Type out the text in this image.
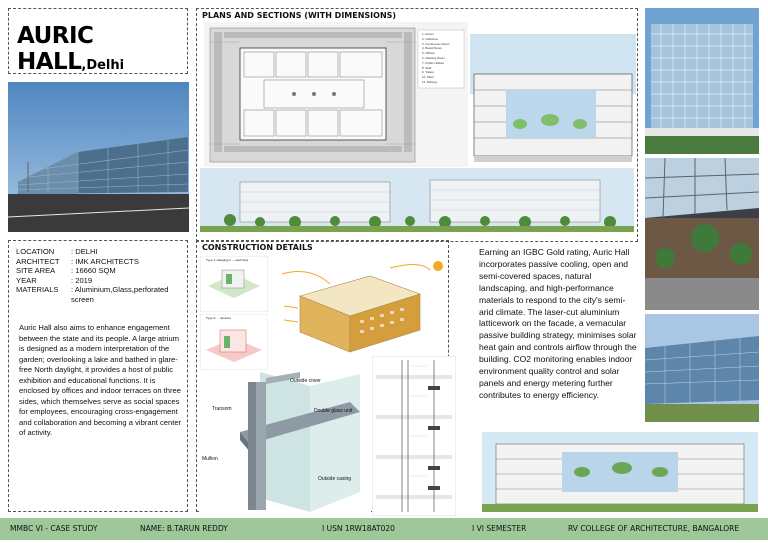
AURIC HALL,Delhi
PLANS AND SECTIONS (WITH DIMENSIONS)
1. Atrium
2. Cafeteria
3. Conference Room
4. Board Room
5. Offices
6. Meeting Room
7. Public Utilities
8. Stair
9. Toilets
10. Plant
11. Parking
LOCATION	: DELHI
ARCHITECT	: IMK ARCHITECTS
SITE AREA	: 16660 SQM
YEAR	: 2019
MATERIALS	: Aluminium,Glass,perforated screen
Auric Hall also aims to enhance engagement between the state and its people. A large atrium is designed as a modern interpretation of the garden; overlooking a lake and bathed in glare-free North daylight, it provides a host of public exhibition and educational functions. It is enclosed by offices and indoor terraces on three sides, which themselves serve as social spaces for employees, encouraging cross-engagement and collaboration and becoming a vibrant center of activity.
CONSTRUCTION DETAILS
Type 1: Hanging in ... each floor
Type 2: ... terraces
Transom
Mullion
Outside cover
Double glass unit
Outside casing
Earning an IGBC Gold rating, Auric Hall incorporates passive cooling, open and semi-covered spaces, natural landscaping, and high-performance materials to respond to the city's semi-arid climate. The laser-cut aluminium latticework on the facade, a vernacular passive building strategy, minimises solar heat gain and controls airflow through the building. CO2 monitoring enables indoor environment quality control and solar panels and energy metering further contributes to energy efficiency.
MMBC VI - CASE STUDY	NAME: B.TARUN REDDY	I USN 1RW18AT020	I VI SEMESTER	RV COLLEGE OF ARCHITECTURE, BANGALORE
